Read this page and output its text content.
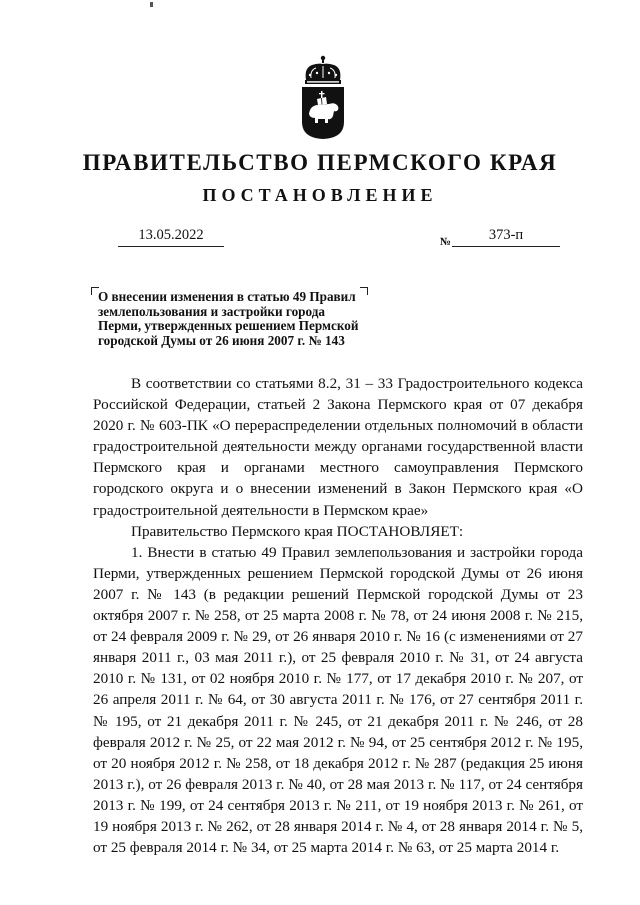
ПРАВИТЕЛЬСТВО ПЕРМСКОГО КРАЯ
ПОСТАНОВЛЕНИЕ
13.05.2022	№	373-п
О внесении изменения в статью 49 Правил
землепользования и застройки города
Перми, утвержденных решением Пермской
городской Думы от 26 июня 2007 г. № 143

В соответствии со статьями 8.2, 31 – 33 Градостроительного кодекса Российской Федерации, статьей 2 Закона Пермского края от 07 декабря 2020 г. № 603-ПК «О перераспределении отдельных полномочий в области градостроительной деятельности между органами государственной власти Пермского края и органами местного самоуправления Пермского городского округа и о внесении изменений в Закон Пермского края «О градостроительной деятельности в Пермском крае»

Правительство Пермского края ПОСТАНОВЛЯЕТ:

1. Внести в статью 49 Правил землепользования и застройки города Перми, утвержденных решением Пермской городской Думы от 26 июня 2007 г. № 143 (в редакции решений Пермской городской Думы от 23 октября 2007 г. № 258, от 25 марта 2008 г. № 78, от 24 июня 2008 г. № 215, от 24 февраля 2009 г. № 29, от 26 января 2010 г. № 16 (с изменениями от 27 января 2011 г., 03 мая 2011 г.), от 25 февраля 2010 г. № 31, от 24 августа 2010 г. № 131, от 02 ноября 2010 г. № 177, от 17 декабря 2010 г. № 207, от 26 апреля 2011 г. № 64, от 30 августа 2011 г. № 176, от 27 сентября 2011 г. № 195, от 21 декабря 2011 г. № 245, от 21 декабря 2011 г. № 246, от 28 февраля 2012 г. № 25, от 22 мая 2012 г. № 94, от 25 сентября 2012 г. № 195, от 20 ноября 2012 г. № 258, от 18 декабря 2012 г. № 287 (редакция 25 июня 2013 г.), от 26 февраля 2013 г. № 40, от 28 мая 2013 г. № 117, от 24 сентября 2013 г. № 199, от 24 сентября 2013 г. № 211, от 19 ноября 2013 г. № 261, от 19 ноября 2013 г. № 262, от 28 января 2014 г. № 4, от 28 января 2014 г. № 5, от 25 февраля 2014 г. № 34, от 25 марта 2014 г. № 63, от 25 марта 2014 г.
